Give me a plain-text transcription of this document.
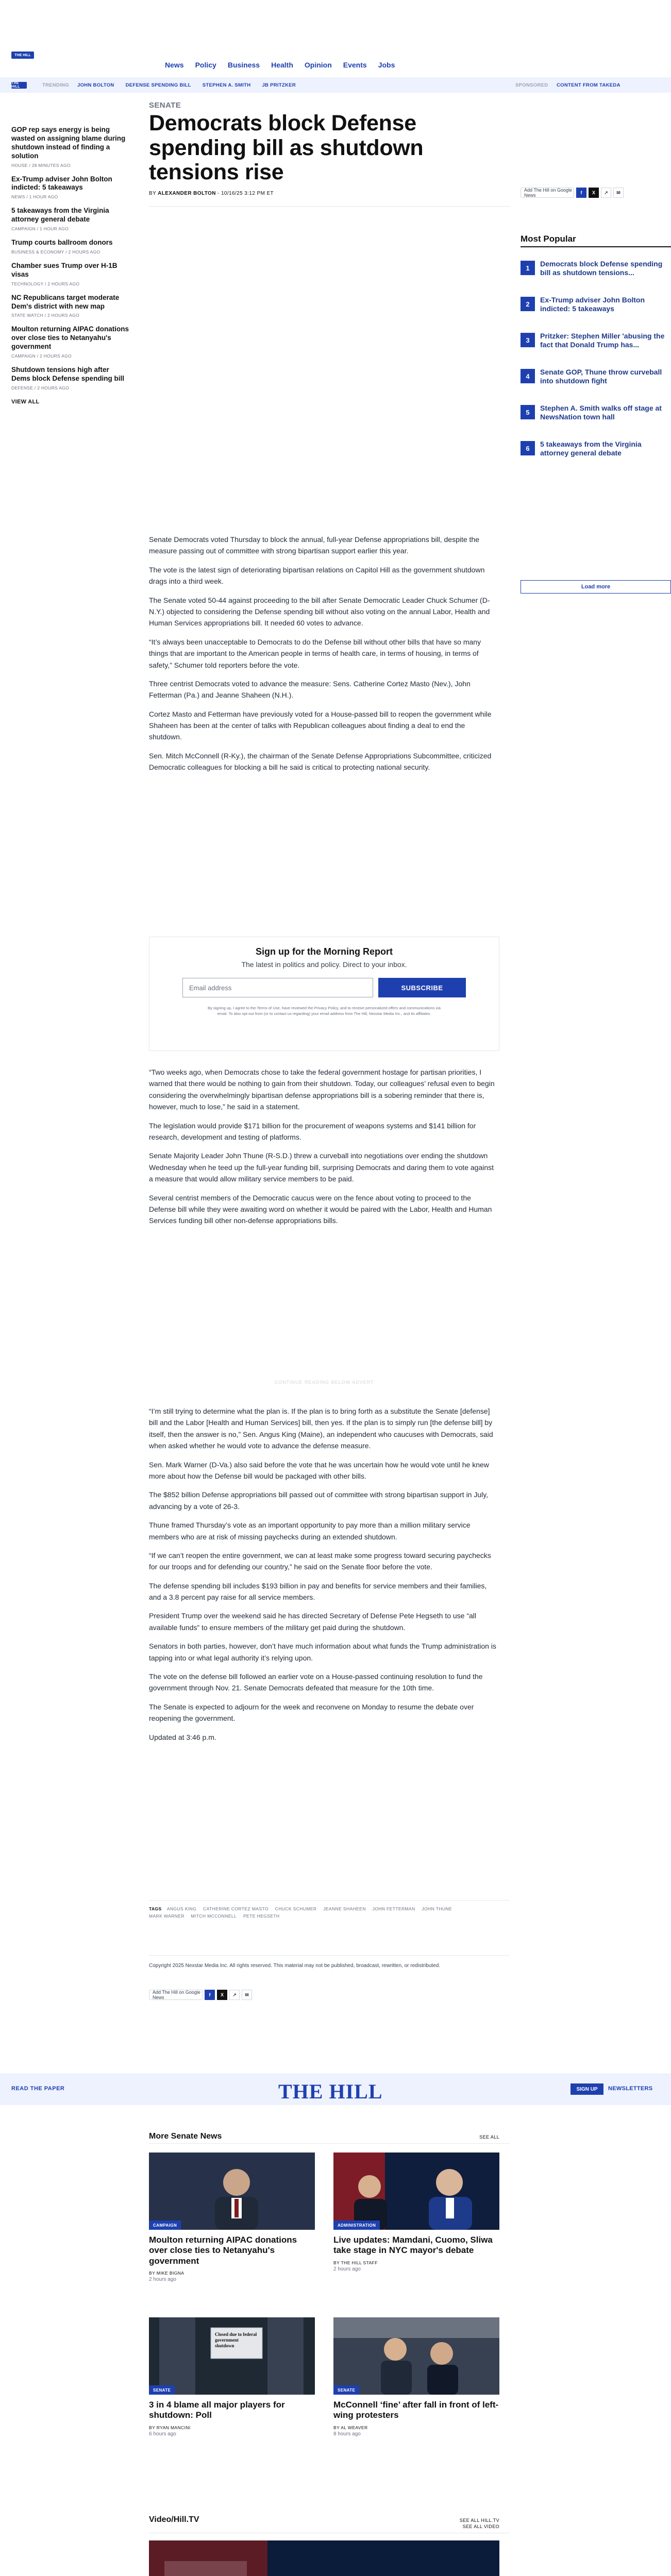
THE HILL
News Policy Business Health Opinion Events Jobs
THE HILL	TRENDING JOHN BOLTON DEFENSE SPENDING BILL STEPHEN A. SMITH JB PRITZKER	SPONSORED CONTENT FROM TAKEDA
GOP rep says energy is being wasted on assigning blame during shutdown instead of finding a solution
HOUSE / 28 MINUTES AGO
Ex-Trump adviser John Bolton indicted: 5 takeaways
NEWS / 1 HOUR AGO
5 takeaways from the Virginia attorney general debate
CAMPAIGN / 1 HOUR AGO
Trump courts ballroom donors
BUSINESS & ECONOMY / 2 HOURS AGO
Chamber sues Trump over H-1B visas
TECHNOLOGY / 2 HOURS AGO
NC Republicans target moderate Dem's district with new map
STATE WATCH / 2 HOURS AGO
Moulton returning AIPAC donations over close ties to Netanyahu's government
CAMPAIGN / 2 HOURS AGO
Shutdown tensions high after Dems block Defense spending bill
DEFENSE / 2 HOURS AGO
VIEW ALL
SENATE
Democrats block Defense spending bill as shutdown tensions rise
BY ALEXANDER BOLTON - 10/16/25 3:12 PM ET
Add The Hill on Google News	f	X	↗	✉
Most Popular
1	Democrats block Defense spending bill as shutdown tensions...
2	Ex-Trump adviser John Bolton indicted: 5 takeaways
3	Pritzker: Stephen Miller 'abusing the fact that Donald Trump has...
4	Senate GOP, Thune throw curveball into shutdown fight
5	Stephen A. Smith walks off stage at NewsNation town hall
6	5 takeaways from the Virginia attorney general debate
Load more

Senate Democrats voted Thursday to block the annual, full-year Defense appropriations bill, despite the measure passing out of committee with strong bipartisan support earlier this year.

The vote is the latest sign of deteriorating bipartisan relations on Capitol Hill as the government shutdown drags into a third week.

The Senate voted 50-44 against proceeding to the bill after Senate Democratic Leader Chuck Schumer (D-N.Y.) objected to considering the Defense spending bill without also voting on the annual Labor, Health and Human Services appropriations bill. It needed 60 votes to advance.

“It’s always been unacceptable to Democrats to do the Defense bill without other bills that have so many things that are important to the American people in terms of health care, in terms of housing, in terms of safety,” Schumer told reporters before the vote.

Three centrist Democrats voted to advance the measure: Sens. Catherine Cortez Masto (Nev.), John Fetterman (Pa.) and Jeanne Shaheen (N.H.).

Cortez Masto and Fetterman have previously voted for a House-passed bill to reopen the government while Shaheen has been at the center of talks with Republican colleagues about finding a deal to end the shutdown.

Sen. Mitch McConnell (R-Ky.), the chairman of the Senate Defense Appropriations Subcommittee, criticized Democratic colleagues for blocking a bill he said is critical to protecting national security.

Sign up for the Morning Report
The latest in politics and policy. Direct to your inbox.
Email address	SUBSCRIBE
By signing up, I agree to the Terms of Use, have reviewed the Privacy Policy, and to receive personalized offers and communications via email. To also opt-out from (or to contact us regarding) your email address from The Hill, Nexstar Media Inc., and its affiliates.

“Two weeks ago, when Democrats chose to take the federal government hostage for partisan priorities, I warned that there would be nothing to gain from their shutdown. Today, our colleagues’ refusal even to begin considering the overwhelmingly bipartisan defense appropriations bill is a sobering reminder that there is, however, much to lose,” he said in a statement.

The legislation would provide $171 billion for the procurement of weapons systems and $141 billion for research, development and testing of platforms.

Senate Majority Leader John Thune (R-S.D.) threw a curveball into negotiations over ending the shutdown Wednesday when he teed up the full-year funding bill, surprising Democrats and daring them to vote against a measure that would allow military service members to be paid.

Several centrist members of the Democratic caucus were on the fence about voting to proceed to the Defense bill while they were awaiting word on whether it would be paired with the Labor, Health and Human Services funding bill other non-defense appropriations bills.

CONTINUE READING BELOW ADVERT

“I’m still trying to determine what the plan is. If the plan is to bring forth as a substitute the Senate [defense] bill and the Labor [Health and Human Services] bill, then yes. If the plan is to simply run [the defense bill] by itself, then the answer is no,” Sen. Angus King (Maine), an independent who caucuses with Democrats, said when asked whether he would vote to advance the defense measure.

Sen. Mark Warner (D-Va.) also said before the vote that he was uncertain how he would vote until he knew more about how the Defense bill would be packaged with other bills.

The $852 billion Defense appropriations bill passed out of committee with strong bipartisan support in July, advancing by a vote of 26-3.

Thune framed Thursday’s vote as an important opportunity to pay more than a million military service members who are at risk of missing paychecks during an extended shutdown.

“If we can’t reopen the entire government, we can at least make some progress toward securing paychecks for our troops and for defending our country,” he said on the Senate floor before the vote.

The defense spending bill includes $193 billion in pay and benefits for service members and their families, and a 3.8 percent pay raise for all service members.

President Trump over the weekend said he has directed Secretary of Defense Pete Hegseth to use “all available funds” to ensure members of the military get paid during the shutdown.

Senators in both parties, however, don’t have much information about what funds the Trump administration is tapping into or what legal authority it’s relying upon.

The vote on the defense bill followed an earlier vote on a House-passed continuing resolution to fund the government through Nov. 21. Senate Democrats defeated that measure for the 10th time.

The Senate is expected to adjourn for the week and reconvene on Monday to resume the debate over reopening the government.

Updated at 3:46 p.m.

TAGS ANGUS KING CATHERINE CORTEZ MASTO CHUCK SCHUMER JEANNE SHAHEEN JOHN FETTERMAN JOHN THUNE MARK WARNER MITCH MCCONNELL PETE HEGSETH
Copyright 2025 Nexstar Media Inc. All rights reserved. This material may not be published, broadcast, rewritten, or redistributed.
Add The Hill on Google News	f	X	↗	✉
READ THE PAPER	THE HILL	SIGN UP	NEWSLETTERS
More Senate News	SEE ALL
CAMPAIGN
Moulton returning AIPAC donations over close ties to Netanyahu's government
BY MIKE BIGNA
2 hours ago
ADMINISTRATION
Live updates: Mamdani, Cuomo, Sliwa take stage in NYC mayor's debate
BY THE HILL STAFF
2 hours ago
Closed due to federal government shutdown
SENATE
3 in 4 blame all major players for shutdown: Poll
BY RYAN MANCINI
6 hours ago
SENATE
McConnell ‘fine’ after fall in front of left-wing protesters
BY AL WEAVER
8 hours ago
Video/Hill.TV	SEE ALL HILL.TV
SEE ALL VIDEO
